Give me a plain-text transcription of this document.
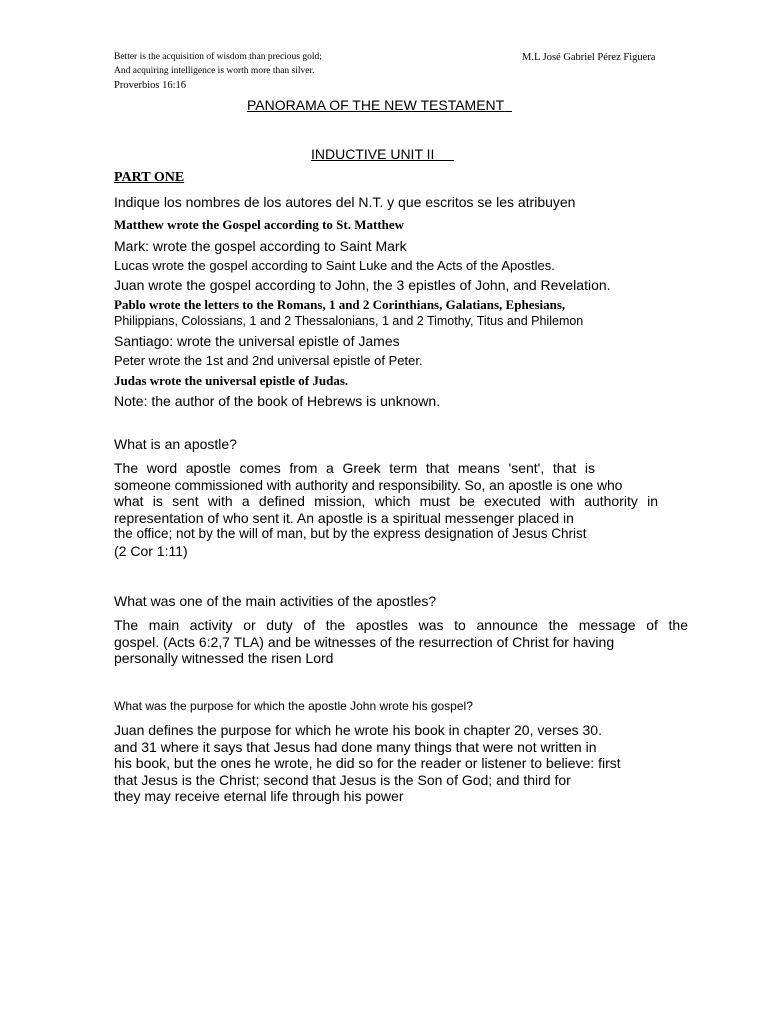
Better is the acquisition of wisdom than precious gold;
And acquiring intelligence is worth more than silver.
Proverbios 16:16
M.L José Gabriel Pérez Figuera
PANORAMA OF THE NEW TESTAMENT
INDUCTIVE UNIT II
PART ONE
Indique los nombres de los autores del N.T. y que escritos se les atribuyen
Matthew wrote the Gospel according to St. Matthew
Mark: wrote the gospel according to Saint Mark
Lucas wrote the gospel according to Saint Luke and the Acts of the Apostles.
Juan wrote the gospel according to John, the 3 epistles of John, and Revelation.
Pablo wrote the letters to the Romans, 1 and 2 Corinthians, Galatians, Ephesians,
Philippians, Colossians, 1 and 2 Thessalonians, 1 and 2 Timothy, Titus and Philemon
Santiago: wrote the universal epistle of James
Peter wrote the 1st and 2nd universal epistle of Peter.
Judas wrote the universal epistle of Judas.
Note: the author of the book of Hebrews is unknown.
What is an apostle?
The word apostle comes from a Greek term that means 'sent', that is
someone commissioned with authority and responsibility. So, an apostle is one who
what is sent with a defined mission, which must be executed with authority in
representation of who sent it. An apostle is a spiritual messenger placed in
the office; not by the will of man, but by the express designation of Jesus Christ
(2 Cor 1:11)
What was one of the main activities of the apostles?
The main activity or duty of the apostles was to announce the message of the
gospel. (Acts 6:2,7 TLA) and be witnesses of the resurrection of Christ for having
personally witnessed the risen Lord
What was the purpose for which the apostle John wrote his gospel?
Juan defines the purpose for which he wrote his book in chapter 20, verses 30.
and 31 where it says that Jesus had done many things that were not written in
his book, but the ones he wrote, he did so for the reader or listener to believe: first
that Jesus is the Christ; second that Jesus is the Son of God; and third for
they may receive eternal life through his power
